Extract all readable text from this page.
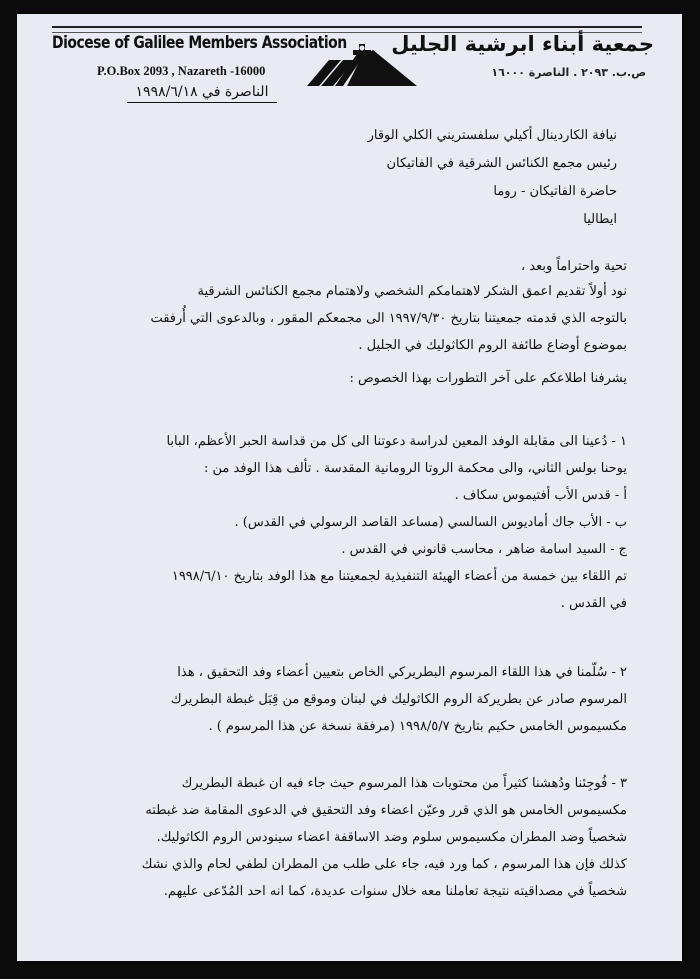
Diocese of Galilee Members Association
P.O.Box 2093 , Nazareth -16000
الناصرة في ١٩٩٨/٦/١٨
جمعية أبناء ابرشية الجليل
ص.ب. ٢٠٩٣ . الناصرة ١٦٠٠٠
نيافة الكاردينال أكيلي سلفستريني الكلي الوقار
رئيس مجمع الكنائس الشرقية في الفاتيكان
حاضرة الفاتيكان - روما
ايطاليا
تحية واحتراماً وبعد ،
نود أولاً تقديم اعمق الشكر لاهتمامكم الشخصي ولاهتمام مجمع الكنائس الشرقية
بالتوجه الذي قدمته جمعيتنا بتاريخ ١٩٩٧/٩/٣٠ الى مجمعكم المقور ، وبالدعوى التي أُرفقت
بموضوع أوضاع طائفة الروم الكاثوليك في الجليل .
يشرفنا اطلاعكم على آخر التطورات بهذا الخصوص :
١ - دُعينا الى مقابلة الوفد المعين لدراسة دعوتنا الى كل من قداسة الحبر الأعظم، البابا
يوحنا بولس الثاني، والى محكمة الروتا الرومانية المقدسة . تألف هذا الوفد من :
أ - قدس الأب أفتيموس سكاف .
ب - الأب جاك أماديوس السالسي (مساعد القاصد الرسولي في القدس) .
ج - السيد اسامة ضاهر ، محاسب قانوني في القدس .
تم اللقاء بين خمسة من أعضاء الهيئة التنفيذية لجمعيتنا مع هذا الوفد بتاريخ ١٩٩٨/٦/١٠
في القدس .
٢ - سُلّمنا في هذا اللقاء المرسوم البطريركي الخاص بتعيين أعضاء وفد التحقيق ، هذا
المرسوم صادر عن بطريركة الروم الكاثوليك في لبنان وموقع من قِبَل غبطة البطريرك
مكسيموس الخامس حكيم بتاريخ ١٩٩٨/٥/٧ (مرفقة نسخة عن هذا المرسوم ) .
٣ - فُوجِئنا ودُهشنا كثيراً من محتويات هذا المرسوم حيث جاء فيه ان غبطة البطريرك
مكسيموس الخامس هو الذي قرر وعيّن اعضاء وفد التحقيق في الدعوى المقامة ضد غبطته
شخصياً وضد المطران مكسيموس سلوم وضد الاساقفة اعضاء سينودس الروم الكاثوليك.
كذلك فإن هذا المرسوم ، كما ورد فيه، جاء على طلب من المطران لطفي لحام والذي نشك
شخصياً في مصداقيته نتيجة تعاملنا معه خلال سنوات عديدة، كما انه احد المُدّعى عليهم.
